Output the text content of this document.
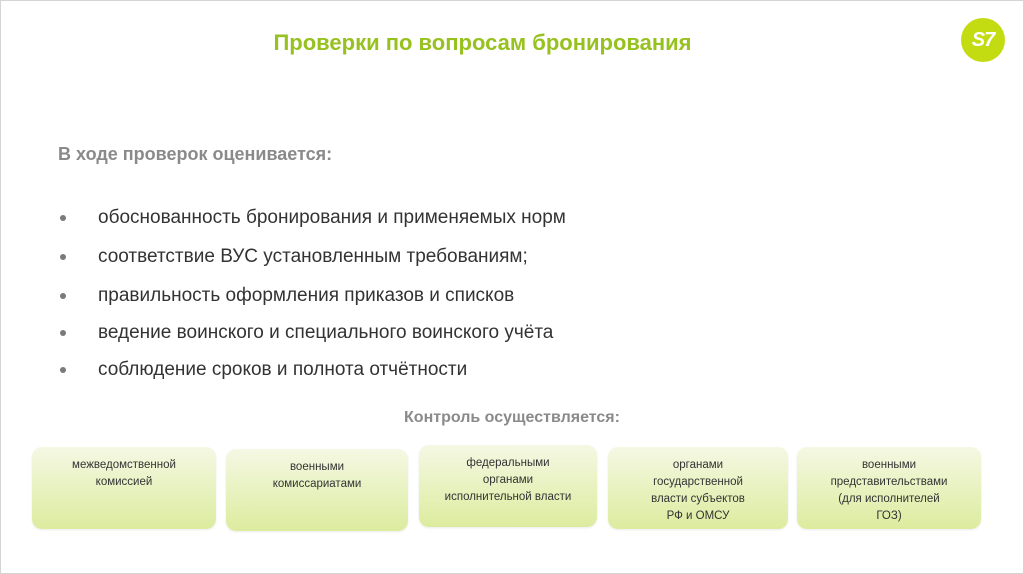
Проверки по вопросам бронирования	S7
В ходе проверок оценивается:
обоснованность бронирования и применяемых норм
соответствие ВУС установленным требованиям;
правильность оформления приказов и списков
ведение воинского и специального воинского учёта
соблюдение сроков и полнота отчётности
Контроль осуществляется:
межведомственной
комиссией
военными
комиссариатами
федеральными
органами
исполнительной власти
органами
государственной
власти субъектов
РФ и ОМСУ
военными
представительствами
(для исполнителей
ГОЗ)
